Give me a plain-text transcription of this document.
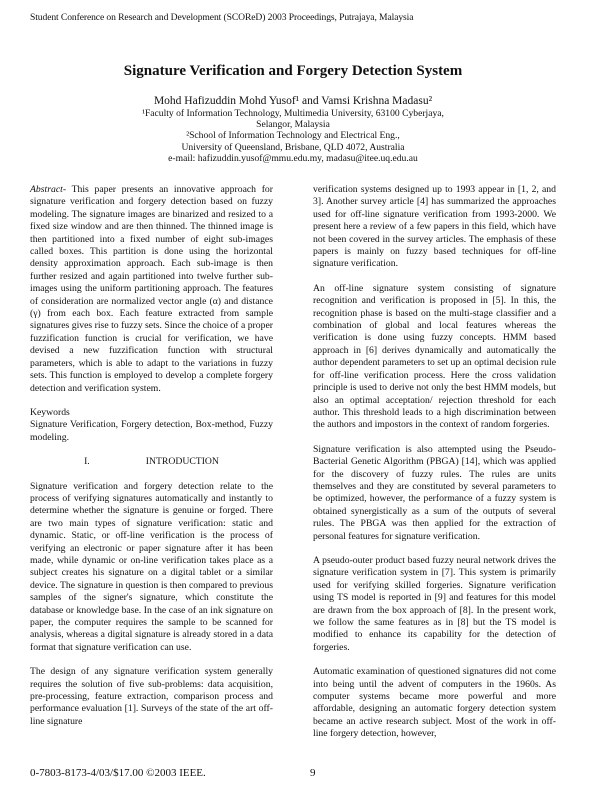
Student Conference on Research and Development (SCOReD) 2003 Proceedings, Putrajaya, Malaysia
Signature Verification and Forgery Detection System
Mohd Hafizuddin Mohd Yusof¹ and Vamsi Krishna Madasu²
¹Faculty of Information Technology, Multimedia University, 63100 Cyberjaya,
Selangor, Malaysia
²School of Information Technology and Electrical Eng.,
University of Queensland, Brisbane, QLD 4072, Australia
e-mail: hafizuddin.yusof@mmu.edu.my, madasu@itee.uq.edu.au

Abstract- This paper presents an innovative approach for signature verification and forgery detection based on fuzzy modeling. The signature images are binarized and resized to a fixed size window and are then thinned. The thinned image is then partitioned into a fixed number of eight sub-images called boxes. This partition is done using the horizontal density approximation approach. Each sub-image is then further resized and again partitioned into twelve further sub-images using the uniform partitioning approach. The features of consideration are normalized vector angle (α) and distance (γ) from each box. Each feature extracted from sample signatures gives rise to fuzzy sets. Since the choice of a proper fuzzification function is crucial for verification, we have devised a new fuzzification function with structural parameters, which is able to adapt to the variations in fuzzy sets. This function is employed to develop a complete forgery detection and verification system.

Keywords
Signature Verification, Forgery detection, Box-method, Fuzzy modeling.
I.	INTRODUCTION

Signature verification and forgery detection relate to the process of verifying signatures automatically and instantly to determine whether the signature is genuine or forged. There are two main types of signature verification: static and dynamic. Static, or off-line verification is the process of verifying an electronic or paper signature after it has been made, while dynamic or on-line verification takes place as a subject creates his signature on a digital tablet or a similar device. The signature in question is then compared to previous samples of the signer's signature, which constitute the database or knowledge base. In the case of an ink signature on paper, the computer requires the sample to be scanned for analysis, whereas a digital signature is already stored in a data format that signature verification can use.

The design of any signature verification system generally requires the solution of five sub-problems: data acquisition, pre-processing, feature extraction, comparison process and performance evaluation [1]. Surveys of the state of the art off-line signature

verification systems designed up to 1993 appear in [1, 2, and 3]. Another survey article [4] has summarized the approaches used for off-line signature verification from 1993-2000. We present here a review of a few papers in this field, which have not been covered in the survey articles. The emphasis of these papers is mainly on fuzzy based techniques for off-line signature verification.

An off-line signature system consisting of signature recognition and verification is proposed in [5]. In this, the recognition phase is based on the multi-stage classifier and a combination of global and local features whereas the verification is done using fuzzy concepts. HMM based approach in [6] derives dynamically and automatically the author dependent parameters to set up an optimal decision rule for off-line verification process. Here the cross validation principle is used to derive not only the best HMM models, but also an optimal acceptation/ rejection threshold for each author. This threshold leads to a high discrimination between the authors and impostors in the context of random forgeries.

Signature verification is also attempted using the Pseudo- Bacterial Genetic Algorithm (PBGA) [14], which was applied for the discovery of fuzzy rules. The rules are units themselves and they are constituted by several parameters to be optimized, however, the performance of a fuzzy system is obtained synergistically as a sum of the outputs of several rules. The PBGA was then applied for the extraction of personal features for signature verification.

A pseudo-outer product based fuzzy neural network drives the signature verification system in [7]. This system is primarily used for verifying skilled forgeries. Signature verification using TS model is reported in [9] and features for this model are drawn from the box approach of [8]. In the present work, we follow the same features as in [8] but the TS model is modified to enhance its capability for the detection of forgeries.

Automatic examination of questioned signatures did not come into being until the advent of computers in the 1960s. As computer systems became more powerful and more affordable, designing an automatic forgery detection system became an active research subject. Most of the work in off-line forgery detection, however,

0-7803-8173-4/03/$17.00 ©2003 IEEE.	9
